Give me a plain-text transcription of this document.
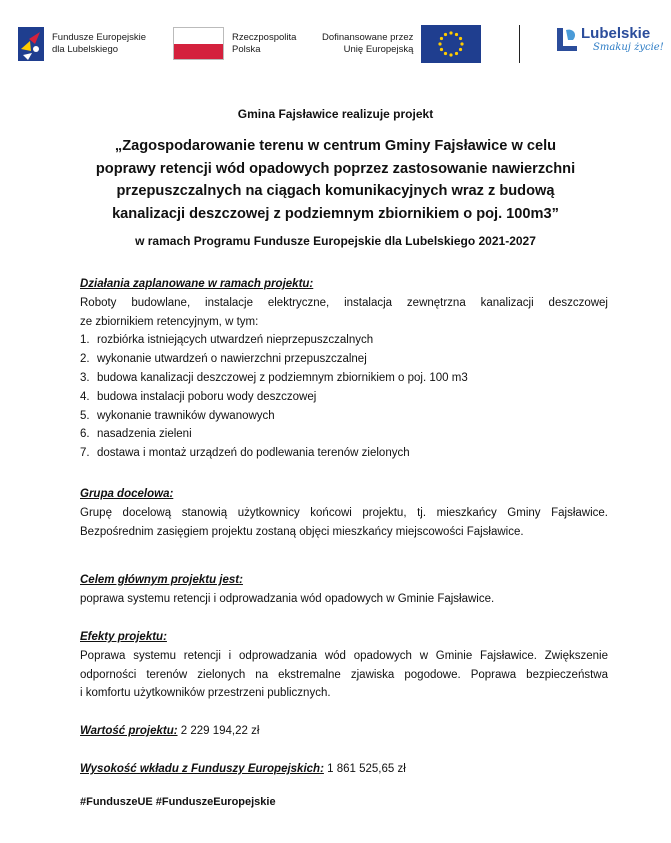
Fundusze Europejskie
dla Lubelskiego
Rzeczpospolita
Polska
Dofinansowane przez
Unię Europejską
Lubelskie
Smakuj życie!
Gmina Fajsławice realizuje projekt
„Zagospodarowanie terenu w centrum Gminy Fajsławice w celu
poprawy retencji wód opadowych poprzez zastosowanie nawierzchni
przepuszczalnych na ciągach komunikacyjnych wraz z budową
kanalizacji deszczowej z podziemnym zbiornikiem o poj. 100m3”
w ramach Programu Fundusze Europejskie dla Lubelskiego 2021-2027
Działania zaplanowane w ramach projektu:
Roboty budowlane, instalacje elektryczne, instalacja zewnętrzna kanalizacji deszczowej
ze zbiornikiem retencyjnym, w tym:
1. rozbiórka istniejących utwardzeń nieprzepuszczalnych
2. wykonanie utwardzeń o nawierzchni przepuszczalnej
3. budowa kanalizacji deszczowej z podziemnym zbiornikiem o poj. 100 m3
4. budowa instalacji poboru wody deszczowej
5. wykonanie trawników dywanowych
6. nasadzenia zieleni
7. dostawa i montaż urządzeń do podlewania terenów zielonych
Grupa docelowa:
Grupę docelową stanowią użytkownicy końcowi projektu, tj. mieszkańcy Gminy Fajsławice.
Bezpośrednim zasięgiem projektu zostaną objęci mieszkańcy miejscowości Fajsławice.
Celem głównym projektu jest:
poprawa systemu retencji i odprowadzania wód opadowych w Gminie Fajsławice.
Efekty projektu:
Poprawa systemu retencji i odprowadzania wód opadowych w Gminie Fajsławice. Zwiększenie
odporności terenów zielonych na ekstremalne zjawiska pogodowe. Poprawa bezpieczeństwa
i komfortu użytkowników przestrzeni publicznych.
Wartość projektu: 2 229 194,22 zł
Wysokość wkładu z Funduszy Europejskich: 1 861 525,65 zł
#FunduszeUE #FunduszeEuropejskie
